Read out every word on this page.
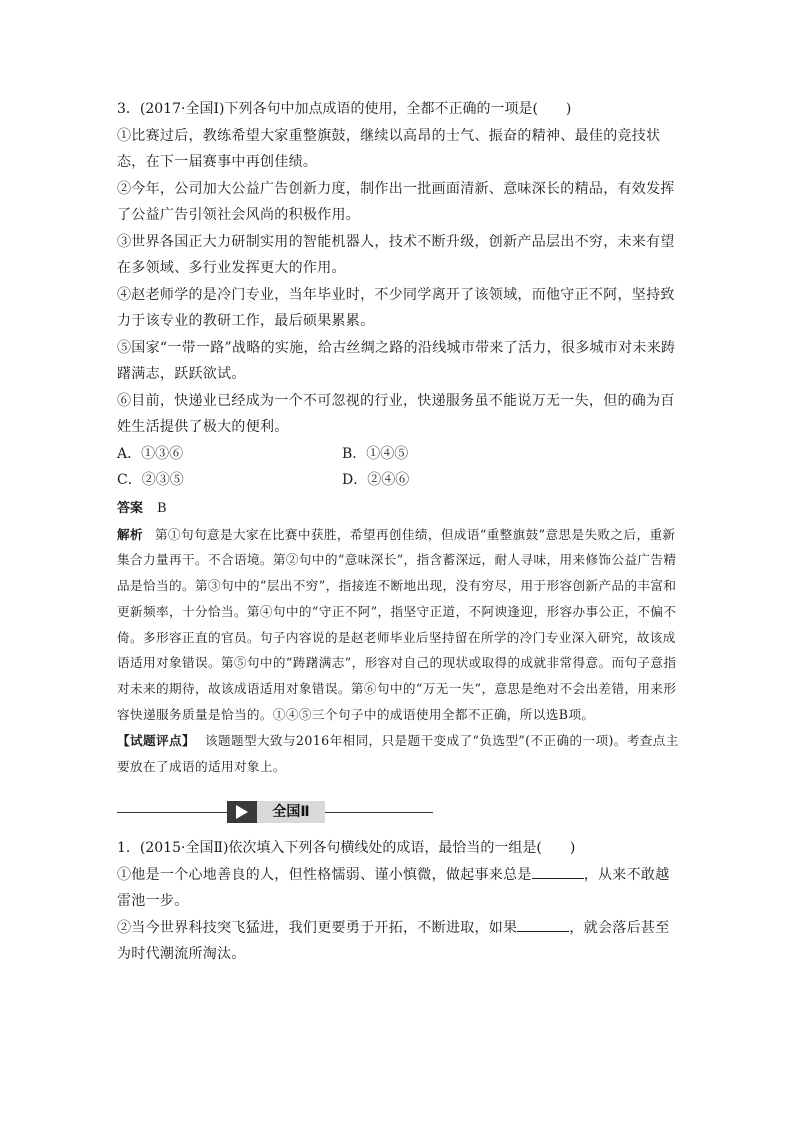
3．(2017·全国Ⅰ)下列各句中加点成语的使用，全都不正确的一项是(　　)

①比赛过后，教练希望大家重整旗鼓，继续以高昂的士气、振奋的精神、最佳的竞技状态，在下一届赛事中再创佳绩。

②今年，公司加大公益广告创新力度，制作出一批画面清新、意味深长的精品，有效发挥了公益广告引领社会风尚的积极作用。

③世界各国正大力研制实用的智能机器人，技术不断升级，创新产品层出不穷，未来有望在多领域、多行业发挥更大的作用。

④赵老师学的是冷门专业，当年毕业时，不少同学离开了该领域，而他守正不阿，坚持致力于该专业的教研工作，最后硕果累累。

⑤国家“一带一路”战略的实施，给古丝绸之路的沿线城市带来了活力，很多城市对未来踌躇满志，跃跃欲试。

⑥目前，快递业已经成为一个不可忽视的行业，快递服务虽不能说万无一失，但的确为百姓生活提供了极大的便利。

A．①③⑥	B．①④⑤
C．②③⑤	D．②④⑥
答案 B

解析 第①句句意是大家在比赛中获胜，希望再创佳绩，但成语“重整旗鼓”意思是失败之后，重新集合力量再干。不合语境。第②句中的“意味深长”，指含蓄深远，耐人寻味，用来修饰公益广告精品是恰当的。第③句中的“层出不穷”，指接连不断地出现，没有穷尽，用于形容创新产品的丰富和更新频率，十分恰当。第④句中的“守正不阿”，指坚守正道，不阿谀逢迎，形容办事公正，不偏不倚。多形容正直的官员。句子内容说的是赵老师毕业后坚持留在所学的冷门专业深入研究，故该成语适用对象错误。第⑤句中的“踌躇满志”，形容对自己的现状或取得的成就非常得意。而句子意指对未来的期待，故该成语适用对象错误。第⑥句中的“万无一失”，意思是绝对不会出差错，用来形容快递服务质量是恰当的。①④⑤三个句子中的成语使用全都不正确，所以选B项。

【试题评点】 该题题型大致与2016年相同，只是题干变成了“负选型”(不正确的一项)。考查点主要放在了成语的适用对象上。

全国Ⅱ

1．(2015·全国Ⅱ)依次填入下列各句横线处的成语，最恰当的一组是(　　)

①他是一个心地善良的人，但性格懦弱、谨小慎微，做起事来总是	，从来不敢越雷池一步。

②当今世界科技突飞猛进，我们更要勇于开拓，不断进取，如果	，就会落后甚至为时代潮流所淘汰。
